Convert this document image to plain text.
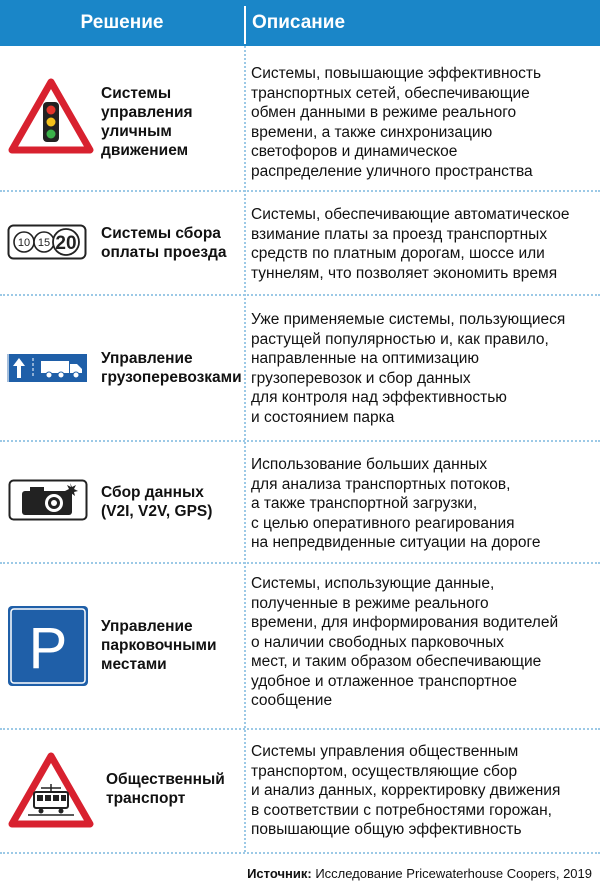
Решение	Описание
Системы
управления
уличным
движением
Системы, повышающие эффективность
транспортных сетей, обеспечивающие
обмен данными в режиме реального
времени, а также синхронизацию
светофоров и динамическое
распределение уличного пространства
10 15 20 Системы сбора
оплаты проезда
Системы, обеспечивающие автоматическое
взимание платы за проезд транспортных
средств по платным дорогам, шоссе или
туннелям, что позволяет экономить время
Управление
грузоперевозками
Уже применяемые системы, пользующиеся
растущей популярностью и, как правило,
направленные на оптимизацию
грузоперевозок и сбор данных
для контроля над эффективностью
и состоянием парка
Сбор данных
(V2I, V2V, GPS)
Использование больших данных
для анализа транспортных потоков,
а также транспортной загрузки,
с целью оперативного реагирования
на непредвиденные ситуации на дороге
P Управление
парковочными
местами
Системы, использующие данные,
полученные в режиме реального
времени, для информирования водителей
о наличии свободных парковочных
мест, и таким образом обеспечивающие
удобное и отлаженное транспортное
сообщение
Общественный
транспорт
Системы управления общественным
транспортом, осуществляющие сбор
и анализ данных, корректировку движения
в соответствии с потребностями горожан,
повышающие общую эффективность
Источник: Исследование Pricewaterhouse Coopers, 2019
